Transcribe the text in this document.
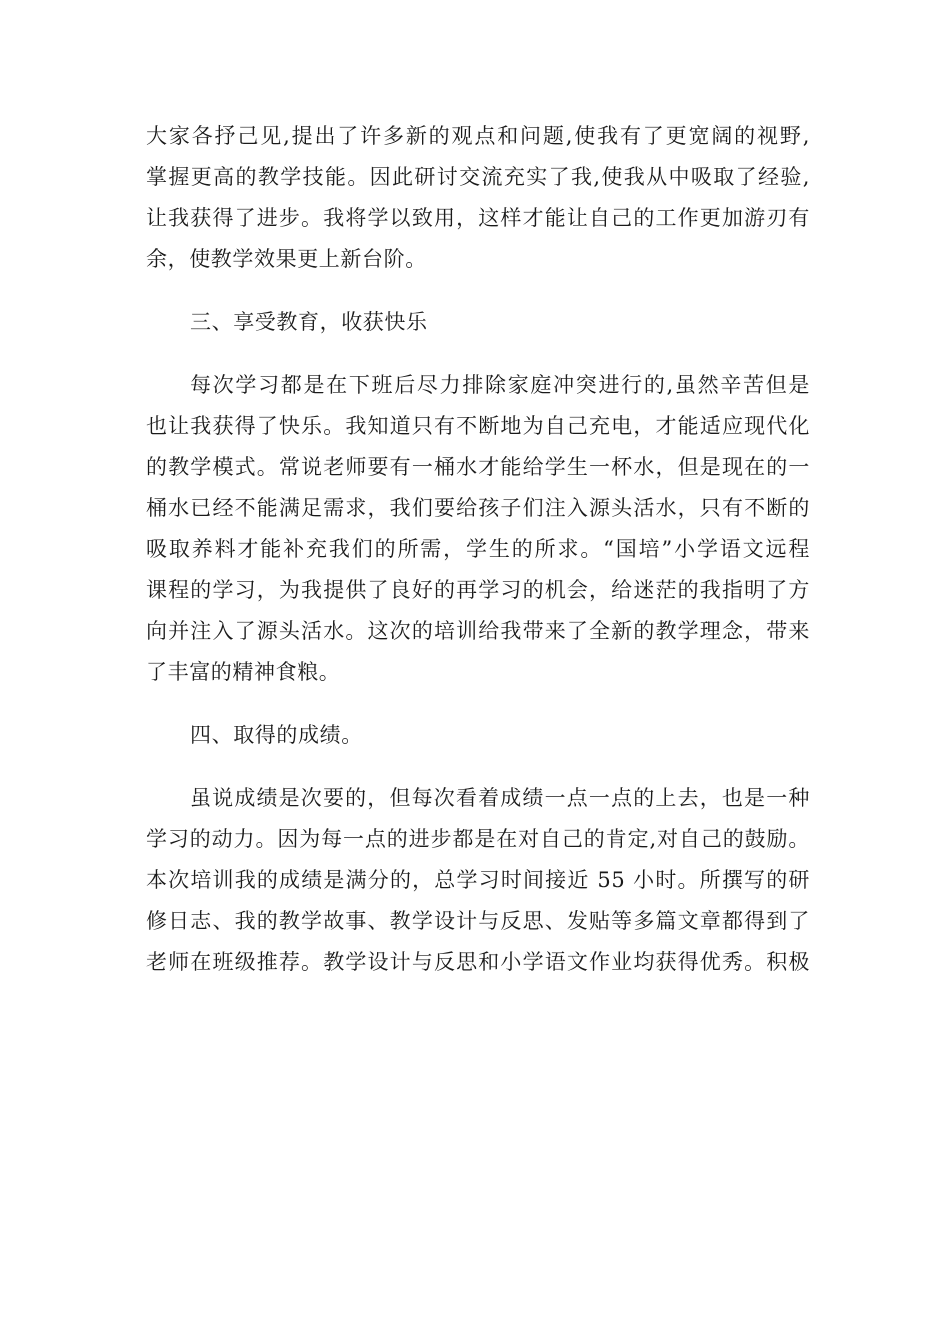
大家各抒己见,提出了许多新的观点和问题,使我有了更宽阔的视野,
掌握更高的教学技能。因此研讨交流充实了我,使我从中吸取了经验,
让我获得了进步。我将学以致用，这样才能让自己的工作更加游刃有
余，使教学效果更上新台阶。
三、享受教育，收获快乐
每次学习都是在下班后尽力排除家庭冲突进行的,虽然辛苦但是
也让我获得了快乐。我知道只有不断地为自己充电，才能适应现代化
的教学模式。常说老师要有一桶水才能给学生一杯水，但是现在的一
桶水已经不能满足需求，我们要给孩子们注入源头活水，只有不断的
吸取养料才能补充我们的所需，学生的所求。“国培”小学语文远程
课程的学习，为我提供了良好的再学习的机会，给迷茫的我指明了方
向并注入了源头活水。这次的培训给我带来了全新的教学理念，带来
了丰富的精神食粮。
四、取得的成绩。
虽说成绩是次要的，但每次看着成绩一点一点的上去，也是一种
学习的动力。因为每一点的进步都是在对自己的肯定,对自己的鼓励。
本次培训我的成绩是满分的，总学习时间接近 55 小时。所撰写的研
修日志、我的教学故事、教学设计与反思、发贴等多篇文章都得到了
老师在班级推荐。教学设计与反思和小学语文作业均获得优秀。积极
